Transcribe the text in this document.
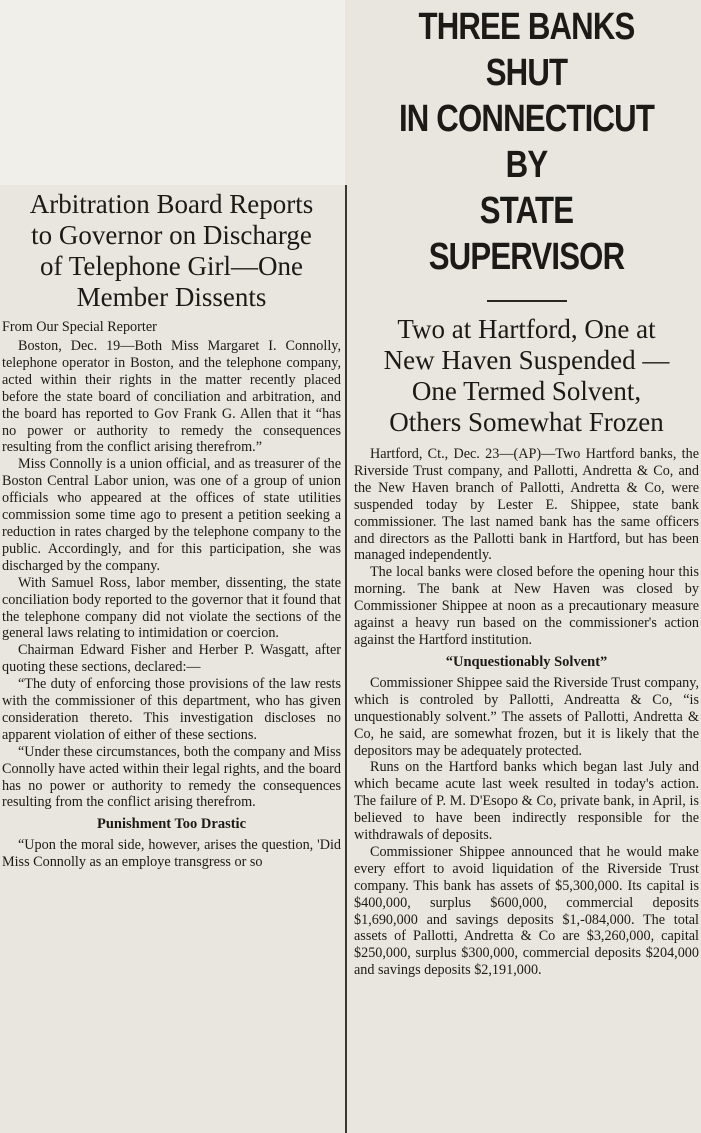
Arbitration Board Reports
to Governor on Discharge
of Telephone Girl—One
Member Dissents
From Our Special Reporter

Boston, Dec. 19—Both Miss Margaret I. Connolly, telephone operator in Boston, and the telephone company, acted within their rights in the matter recently placed before the state board of conciliation and arbitration, and the board has reported to Gov Frank G. Allen that it “has no power or authority to remedy the consequences resulting from the conflict arising therefrom.”

Miss Connolly is a union official, and as treasurer of the Boston Central Labor union, was one of a group of union officials who appeared at the offices of state utilities commission some time ago to present a petition seeking a reduction in rates charged by the telephone company to the public. Accordingly, and for this participation, she was discharged by the company.

With Samuel Ross, labor member, dissenting, the state conciliation body reported to the governor that it found that the telephone company did not violate the sections of the general laws relating to intimidation or coercion.

Chairman Edward Fisher and Herber P. Wasgatt, after quoting these sections, declared:—

“The duty of enforcing those provisions of the law rests with the commissioner of this department, who has given consideration thereto. This investigation discloses no apparent violation of either of these sections.

“Under these circumstances, both the company and Miss Connolly have acted within their legal rights, and the board has no power or authority to remedy the consequences resulting from the conflict arising therefrom.

Punishment Too Drastic

“Upon the moral side, however, arises the question, 'Did Miss Connolly as an employe transgress or so

THREE BANKS SHUT
IN CONNECTICUT BY
STATE SUPERVISOR
Two at Hartford, One at
New Haven Suspended —
One Termed Solvent,
Others Somewhat Frozen

Hartford, Ct., Dec. 23—(AP)—Two Hartford banks, the Riverside Trust company, and Pallotti, Andretta & Co, and the New Haven branch of Pallotti, Andretta & Co, were suspended today by Lester E. Shippee, state bank commissioner. The last named bank has the same officers and directors as the Pallotti bank in Hartford, but has been managed independently.

The local banks were closed before the opening hour this morning. The bank at New Haven was closed by Commissioner Shippee at noon as a precautionary measure against a heavy run based on the commissioner's action against the Hartford institution.

“Unquestionably Solvent”

Commissioner Shippee said the Riverside Trust company, which is controled by Pallotti, Andreatta & Co, “is unquestionably solvent.” The assets of Pallotti, Andretta & Co, he said, are somewhat frozen, but it is likely that the depositors may be adequately protected.

Runs on the Hartford banks which began last July and which became acute last week resulted in today's action. The failure of P. M. D'Esopo & Co, private bank, in April, is believed to have been indirectly responsible for the withdrawals of deposits.

Commissioner Shippee announced that he would make every effort to avoid liquidation of the Riverside Trust company. This bank has assets of $5,300,000. Its capital is $400,000, surplus $600,000, commercial deposits $1,690,000 and savings deposits $1,-084,000. The total assets of Pallotti, Andretta & Co are $3,260,000, capital $250,000, surplus $300,000, commercial deposits $204,000 and savings deposits $2,191,000.
